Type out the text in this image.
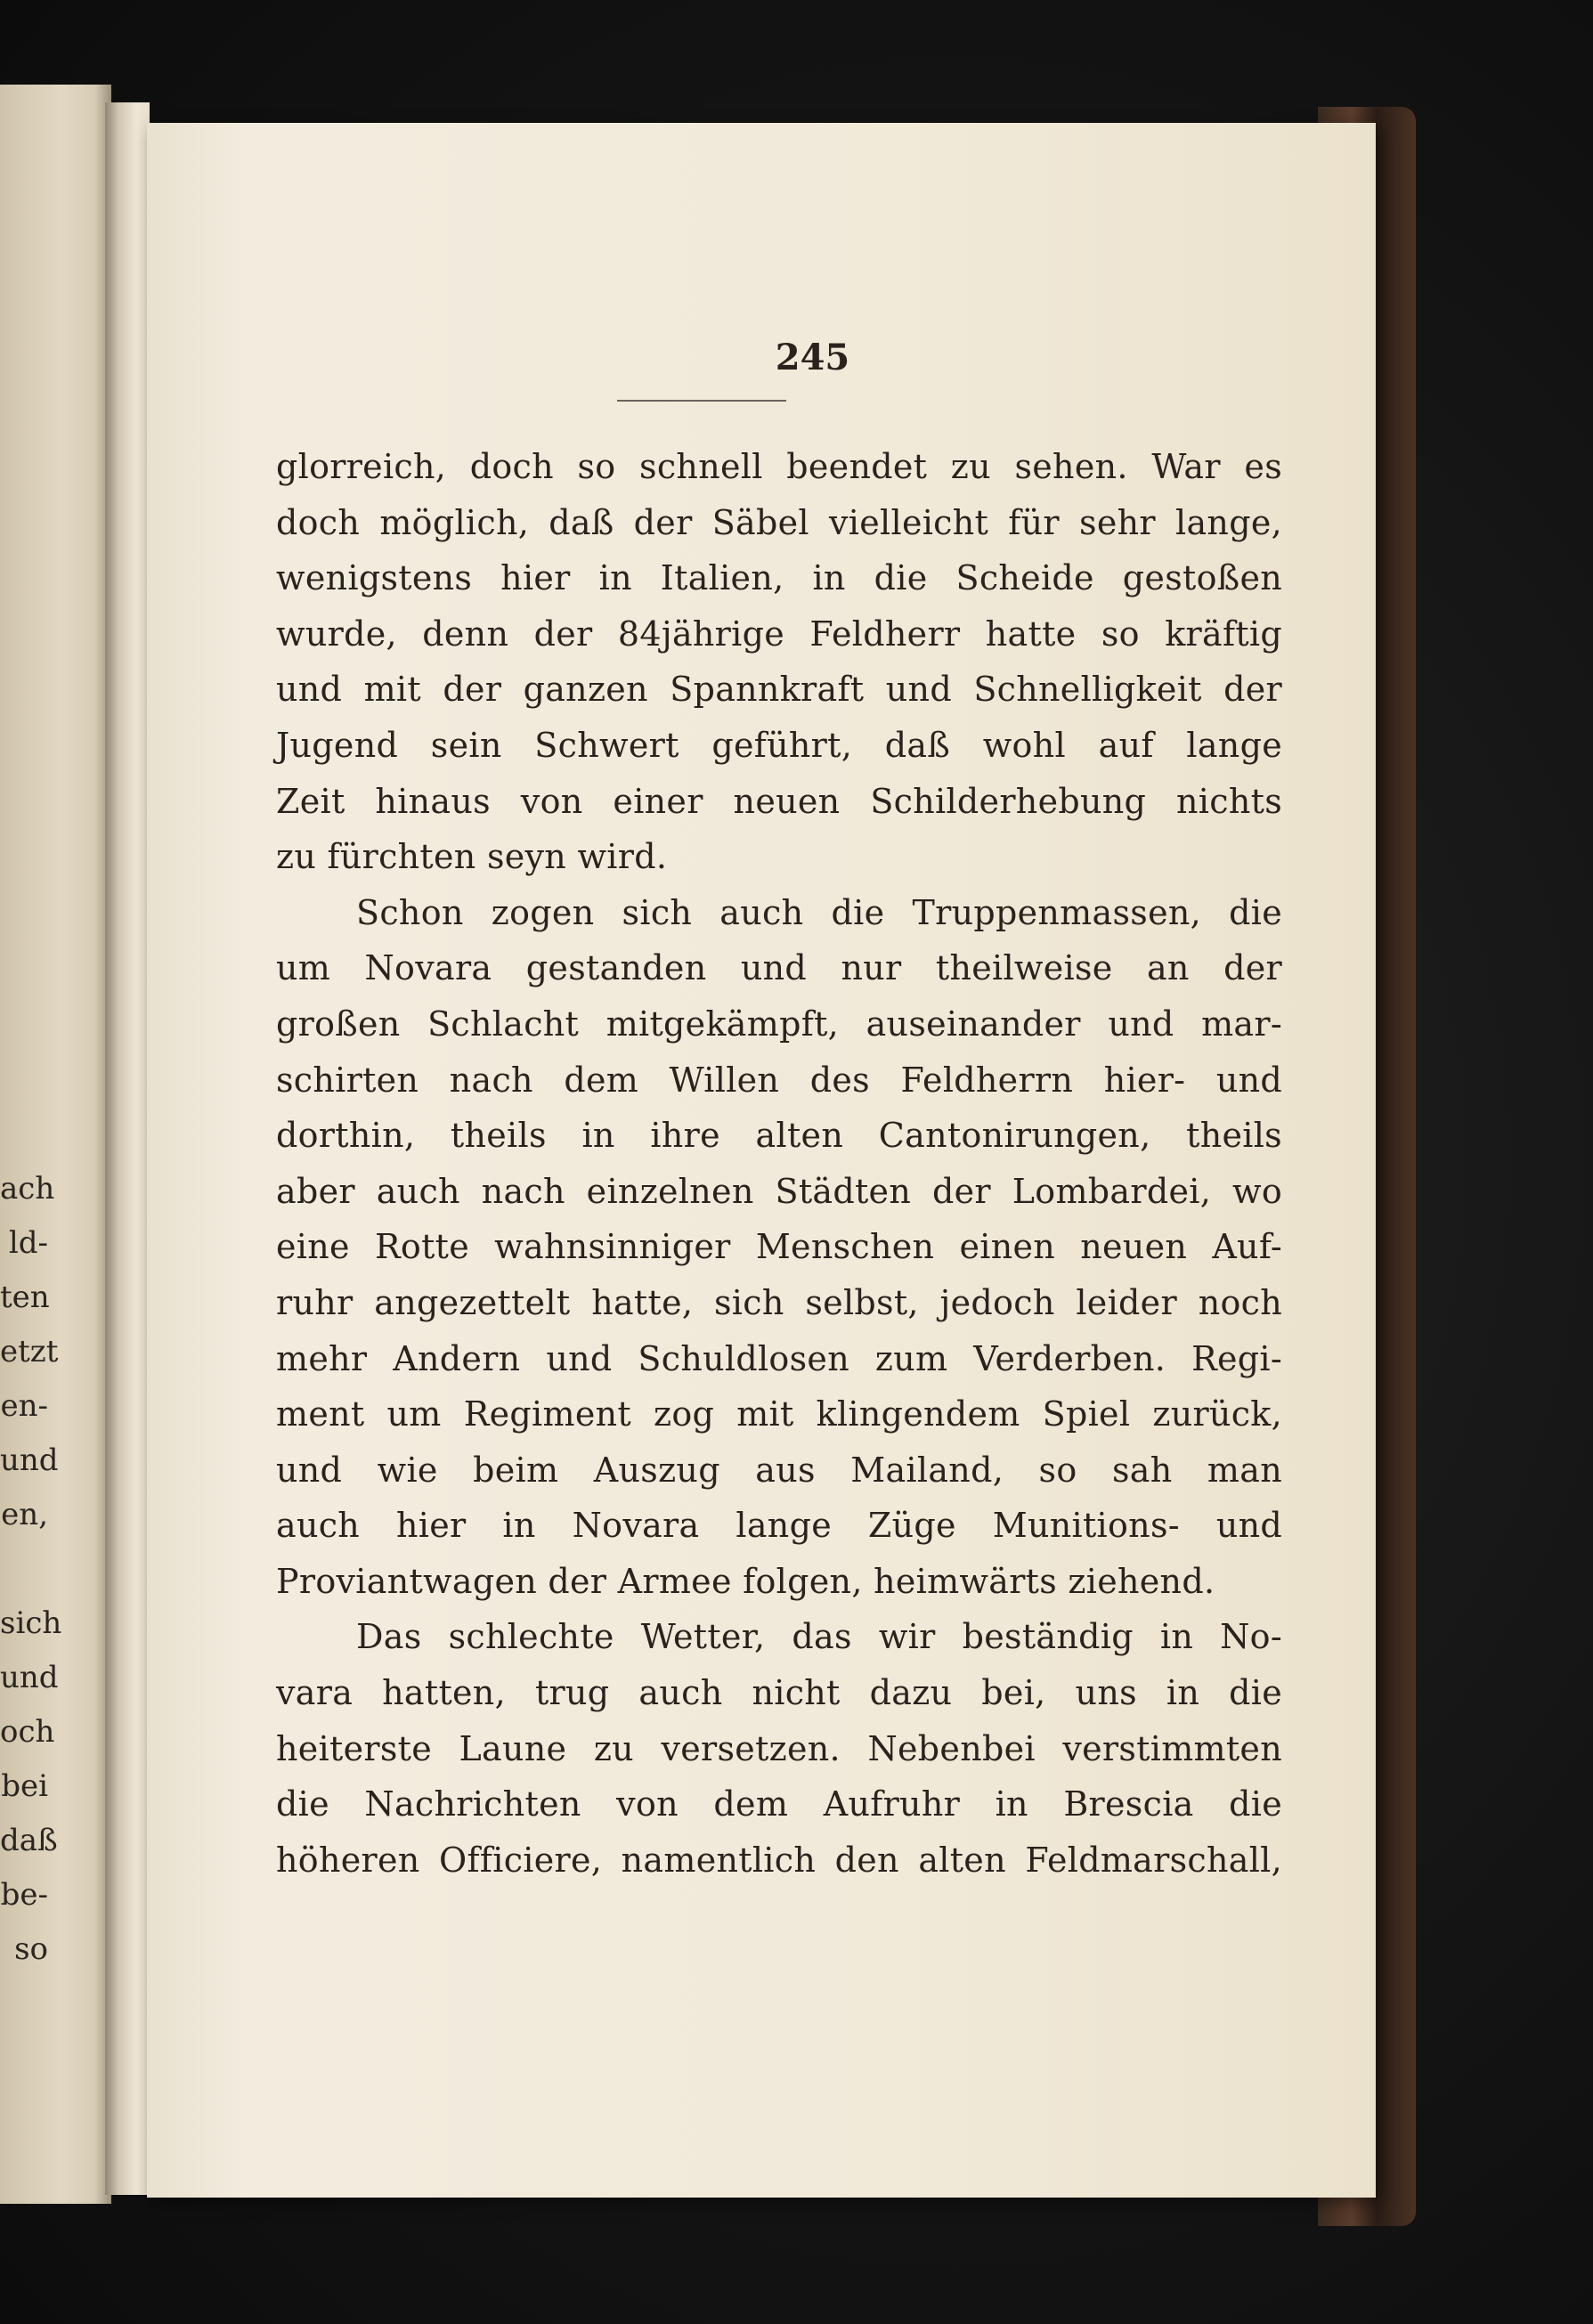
ach
ld-
ten
etzt
en-
und
en,
sich
und
och
bei
daß
be-
so
245
glorreich, doch so schnell beendet zu sehen. War es
doch möglich, daß der Säbel vielleicht für sehr lange,
wenigstens hier in Italien, in die Scheide gestoßen
wurde, denn der 84jährige Feldherr hatte so kräftig
und mit der ganzen Spannkraft und Schnelligkeit der
Jugend sein Schwert geführt, daß wohl auf lange
Zeit hinaus von einer neuen Schilderhebung nichts
zu fürchten seyn wird.
Schon zogen sich auch die Truppenmassen, die
um Novara gestanden und nur theilweise an der
großen Schlacht mitgekämpft, auseinander und mar-
schirten nach dem Willen des Feldherrn hier- und
dorthin, theils in ihre alten Cantonirungen, theils
aber auch nach einzelnen Städten der Lombardei, wo
eine Rotte wahnsinniger Menschen einen neuen Auf-
ruhr angezettelt hatte, sich selbst, jedoch leider noch
mehr Andern und Schuldlosen zum Verderben. Regi-
ment um Regiment zog mit klingendem Spiel zurück,
und wie beim Auszug aus Mailand, so sah man
auch hier in Novara lange Züge Munitions- und
Proviantwagen der Armee folgen, heimwärts ziehend.
Das schlechte Wetter, das wir beständig in No-
vara hatten, trug auch nicht dazu bei, uns in die
heiterste Laune zu versetzen. Nebenbei verstimmten
die Nachrichten von dem Aufruhr in Brescia die
höheren Officiere, namentlich den alten Feldmarschall,
